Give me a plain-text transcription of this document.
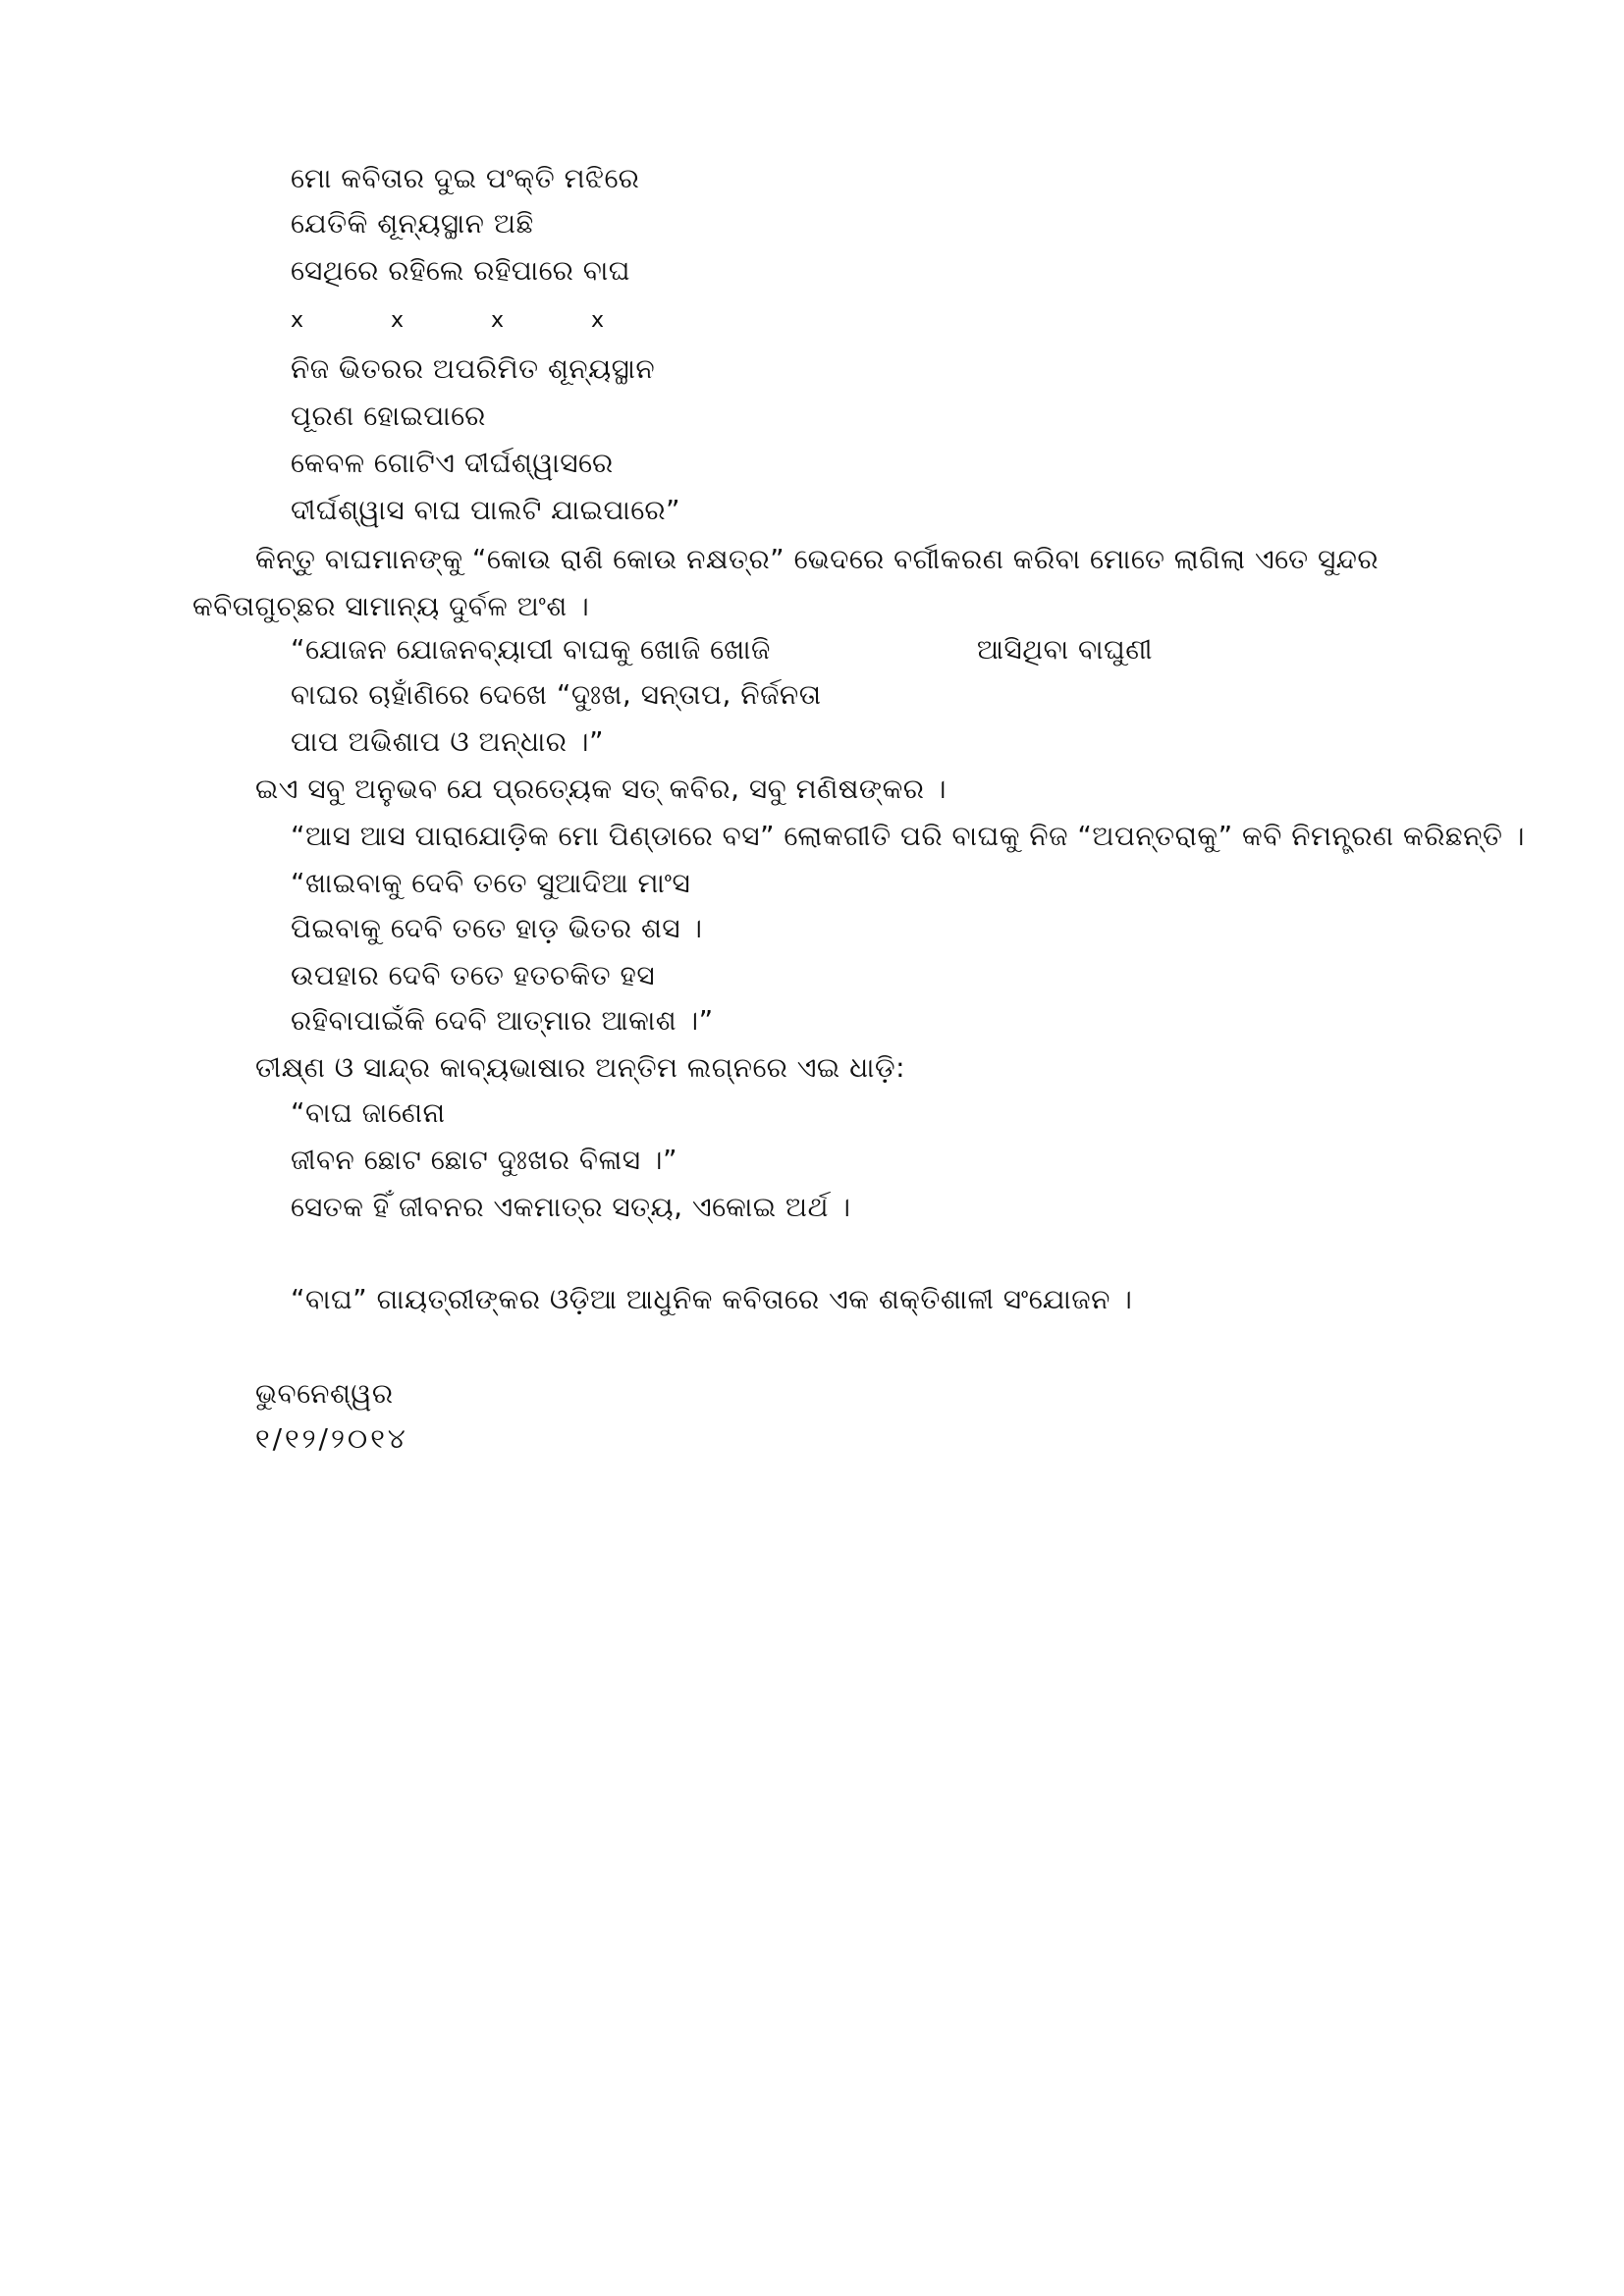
ମୋ କବିତାର ଦୁଇ ପଂକ୍ତି ମଝିରେ
ଯେତିକି ଶୂନ୍ୟସ୍ଥାନ ଅଛି
ସେଥିରେ ରହିଲେ ରହିପାରେ ବାଘ
x	x	x	x
ନିଜ ଭିତରର ଅପରିମିତ ଶୂନ୍ୟସ୍ଥାନ
ପୂରଣ ହୋଇପାରେ
କେବଳ ଗୋଟିଏ ଦୀର୍ଘଶ୍ୱାସରେ
ଦୀର୍ଘଶ୍ୱାସ ବାଘ ପାଲଟି ଯାଇପାରେ”
କିନ୍ତୁ ବାଘମାନଙ୍କୁ “କୋଉ ରାଶି କୋଉ ନକ୍ଷତ୍ର” ଭେଦରେ ବର୍ଗୀକରଣ କରିବା ମୋତେ ଲାଗିଲା ଏତେ ସୁନ୍ଦର କବିତାଗୁଚ୍ଛର ସାମାନ୍ୟ ଦୁର୍ବଳ ଅଂଶ ।
“ଯୋଜନ ଯୋଜନବ୍ୟାପୀ ବାଘକୁ ଖୋଜି ଖୋଜି	ଆସିଥିବା ବାଘୁଣୀ
ବାଘର ଚାହାଁଣିରେ ଦେଖେ “ଦୁଃଖ, ସନ୍ତାପ, ନିର୍ଜନତା
ପାପ ଅଭିଶାପ ଓ ଅନ୍ଧାର ।”
ଇଏ ସବୁ ଅନୁଭବ ଯେ ପ୍ରତ୍ୟେକ ସତ୍ କବିର, ସବୁ ମଣିଷଙ୍କର ।
“ଆସ ଆସ ପାରାଯୋଡ଼ିକ ମୋ ପିଣ୍ଡାରେ ବସ” ଲୋକଗୀତି ପରି ବାଘକୁ ନିଜ “ଅପନ୍ତରାକୁ” କବି ନିମନ୍ତ୍ରଣ କରିଛନ୍ତି ।
“ଖାଇବାକୁ ଦେବି ତତେ ସୁଆଦିଆ ମାଂସ
ପିଇବାକୁ ଦେବି ତତେ ହାଡ଼ ଭିତର ଶସ ।
ଉପହାର ଦେବି ତତେ ହତଚକିତ ହସ
ରହିବାପାଇଁକି ଦେବି ଆତ୍ମାର ଆକାଶ ।”
ତୀକ୍ଷ୍ଣ ଓ ସାନ୍ଦ୍ର କାବ୍ୟଭାଷାର ଅନ୍ତିମ ଲଗ୍ନରେ ଏଇ ଧାଡ଼ି:
“ବାଘ ଜାଣେନା
ଜୀବନ ଛୋଟ ଛୋଟ ଦୁଃଖର ବିଳାସ ।”
ସେତକ ହିଁ ଜୀବନର ଏକମାତ୍ର ସତ୍ୟ, ଏକୋଇ ଅର୍ଥ ।
“ବାଘ” ଗାୟତ୍ରୀଙ୍କର ଓଡ଼ିଆ ଆଧୁନିକ କବିତାରେ ଏକ ଶକ୍ତିଶାଳୀ ସଂଯୋଜନ ।
ଭୁବନେଶ୍ୱର
୧/୧୨/୨୦୧୪
